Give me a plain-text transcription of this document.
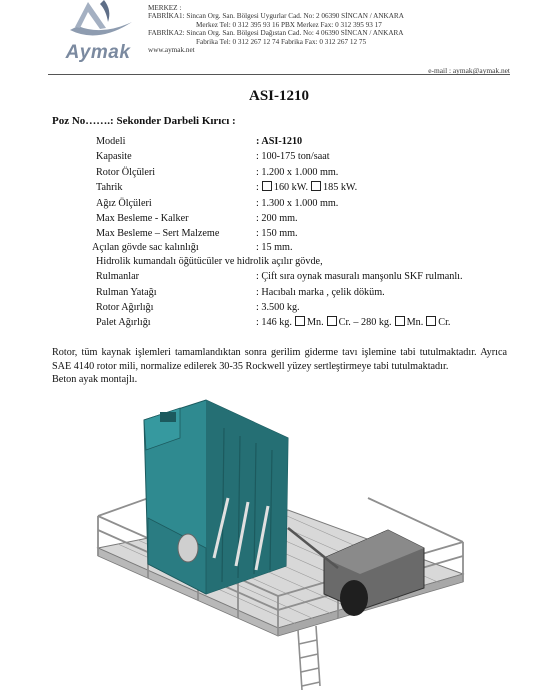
Aymak
MERKEZ :
FABRİKA1: Sincan Org. San. Bölgesi Uygurlar Cad. No: 2 06390 SİNCAN / ANKARA
Merkez Tel: 0 312 395 93 16 PBX Merkez Fax: 0 312 395 93 17
FABRİKA2: Sincan Org. San. Bölgesi Dağıstan Cad. No: 4 06390 SİNCAN / ANKARA
Fabrika Tel: 0 312 267 12 74 Fabrika Fax: 0 312 267 12 75
www.aymak.net
e-mail : aymak@aymak.net
ASI-1210
Poz No…….: Sekonder Darbeli Kırıcı :
Modeli	: ASI-1210
Kapasite	: 100-175 ton/saat
Rotor Ölçüleri	: 1.200 x 1.000 mm.
Tahrik	: 160 kW. 185 kW.
Ağız Ölçüleri	: 1.300 x 1.000 mm.
Max Besleme - Kalker	: 200 mm.
Max Besleme – Sert Malzeme	: 150 mm.
Açılan gövde sac kalınlığı	: 15 mm.
Hidrolik kumandalı öğütücüler ve hidrolik açılır gövde,
Rulmanlar	: Çift sıra oynak masuralı manşonlu SKF rulmanlı.
Rulman Yatağı	: Hacıbalı marka , çelik döküm.
Rotor Ağırlığı	: 3.500 kg.
Palet Ağırlığı	: 146 kg. Mn. Cr. – 280 kg. Mn. Cr.

Rotor, tüm kaynak işlemleri tamamlandıktan sonra gerilim giderme tavı işlemine tabi tutulmaktadır. Ayrıca SAE 4140 rotor mili, normalize edilerek 30-35 Rockwell yüzey sertleştirmeye tabi tutulmaktadır.

Beton ayak montajlı.
